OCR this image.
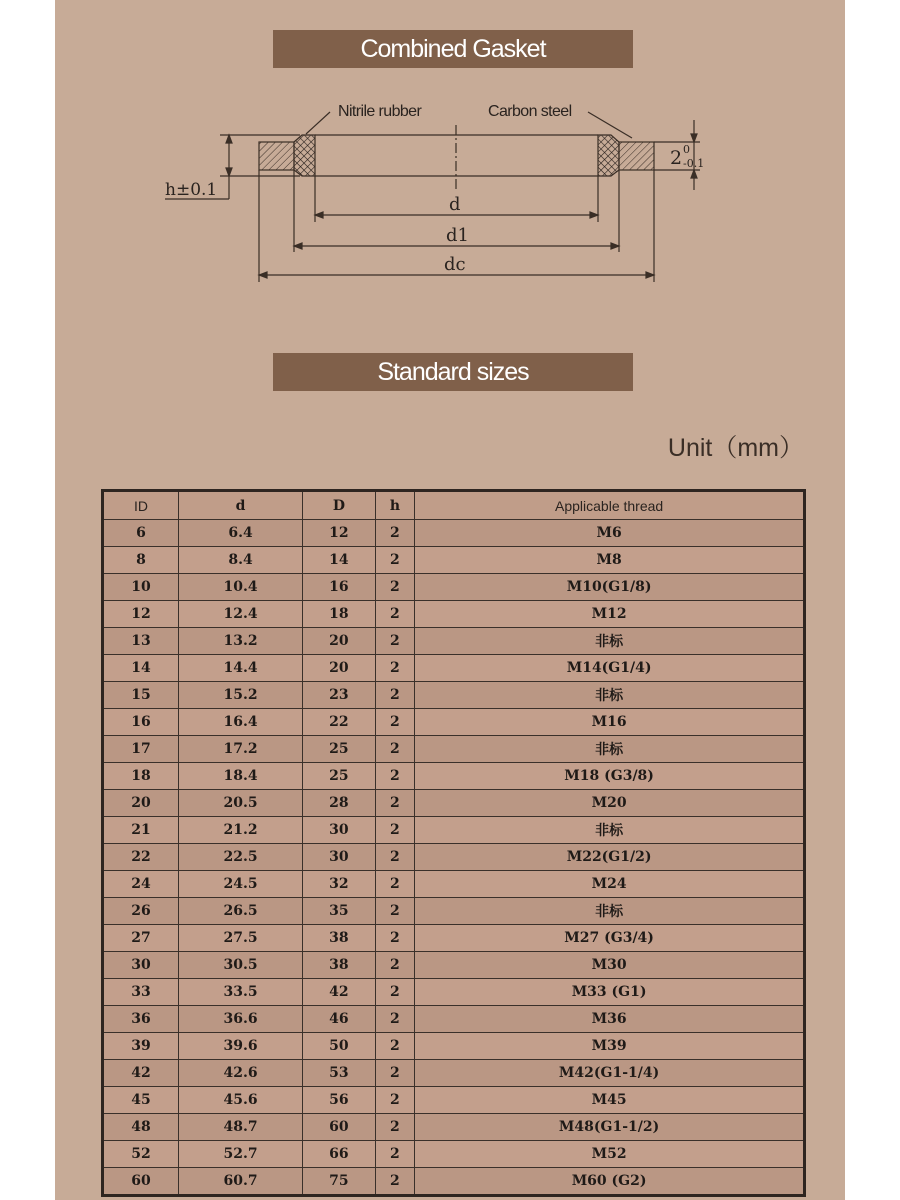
Combined Gasket
Nitrile rubber	Carbon steel
h±0.1
2 0
-0.1
d
d1
dc
Standard sizes
Unit（mm）
ID	d	D	h	Applicable thread
6	6.4	12	2	M6
8	8.4	14	2	M8
10	10.4	16	2	M10(G1/8)
12	12.4	18	2	M12
13	13.2	20	2	非标
14	14.4	20	2	M14(G1/4)
15	15.2	23	2	非标
16	16.4	22	2	M16
17	17.2	25	2	非标
18	18.4	25	2	M18 (G3/8)
20	20.5	28	2	M20
21	21.2	30	2	非标
22	22.5	30	2	M22(G1/2)
24	24.5	32	2	M24
26	26.5	35	2	非标
27	27.5	38	2	M27 (G3/4)
30	30.5	38	2	M30
33	33.5	42	2	M33 (G1)
36	36.6	46	2	M36
39	39.6	50	2	M39
42	42.6	53	2	M42(G1-1/4)
45	45.6	56	2	M45
48	48.7	60	2	M48(G1-1/2)
52	52.7	66	2	M52
60	60.7	75	2	M60 (G2)
